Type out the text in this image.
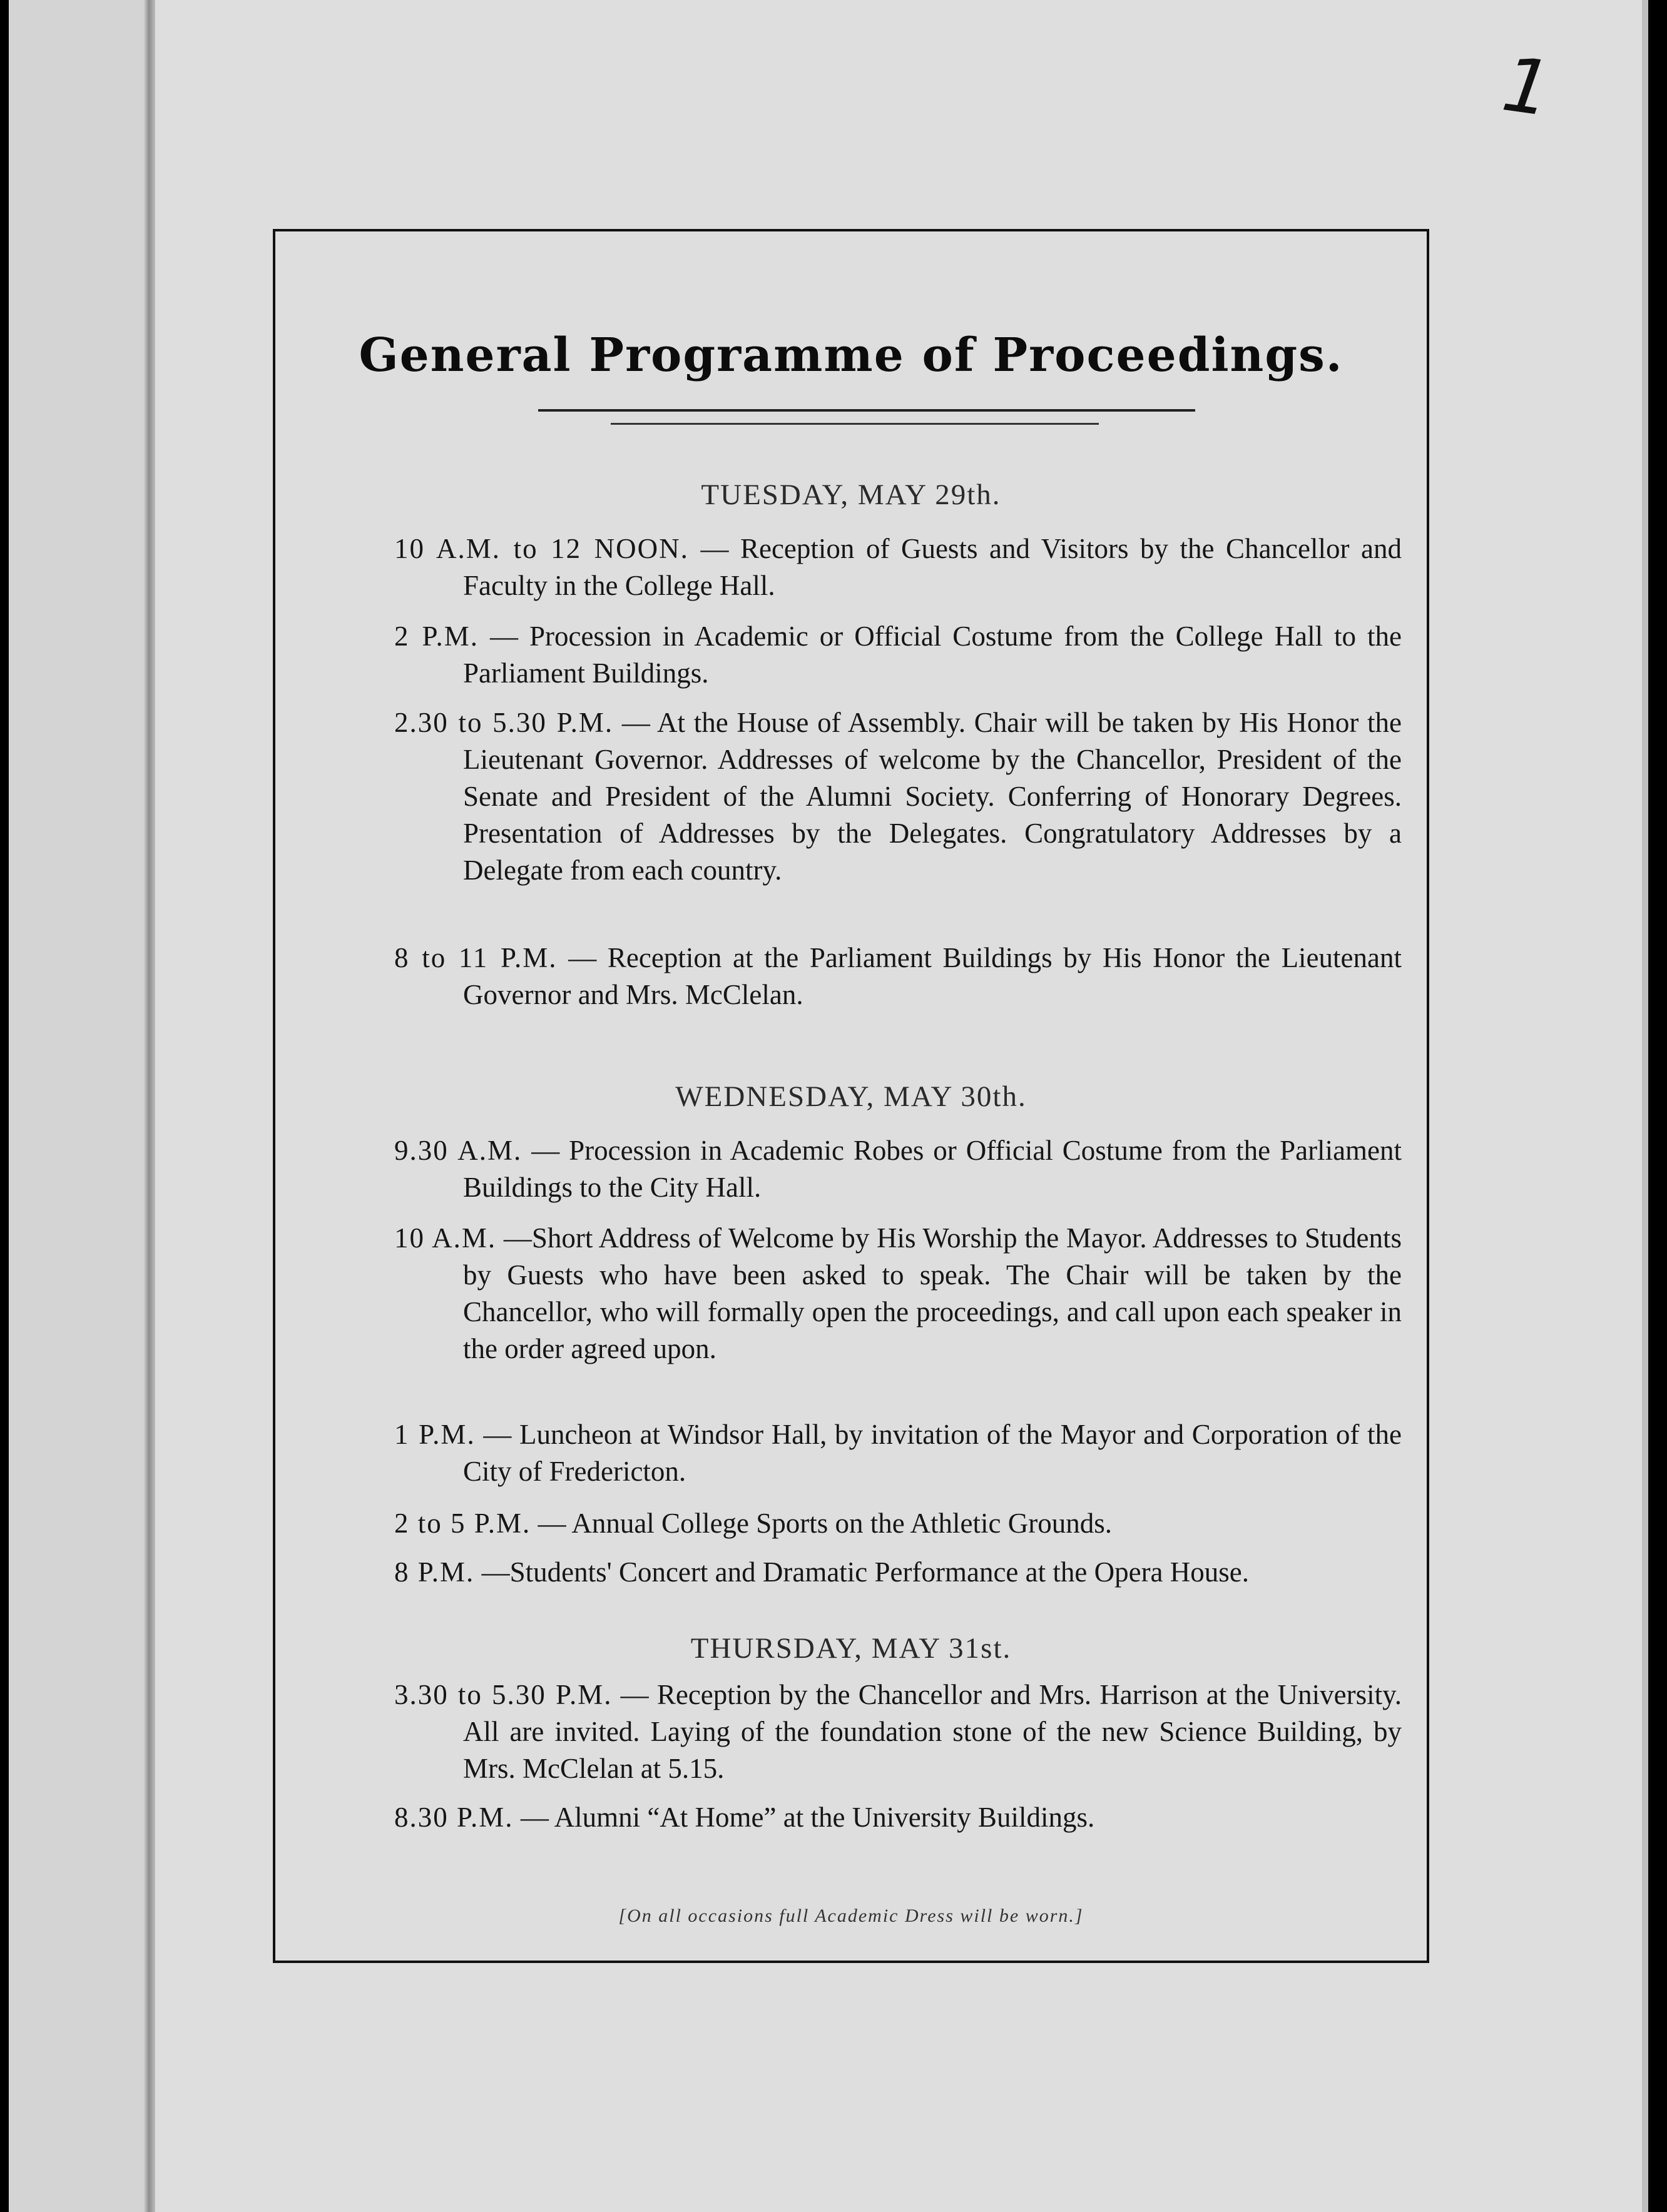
1
General Programme of Proceedings.
TUESDAY, MAY 29th.
10 A.M. to 12 NOON. — Reception of Guests and Visitors by the Chancellor and Faculty in the College Hall.
2 P.M. — Procession in Academic or Official Costume from the College Hall to the Parliament Buildings.
2.30 to 5.30 P.M. — At the House of Assembly. Chair will be taken by His Honor the Lieutenant Governor. Addresses of welcome by the Chancellor, President of the Senate and President of the Alumni Society. Conferring of Honorary Degrees. Presentation of Addresses by the Delegates. Congratulatory Addresses by a Delegate from each country.
8 to 11 P.M. — Reception at the Parliament Buildings by His Honor the Lieutenant Governor and Mrs. McClelan.
WEDNESDAY, MAY 30th.
9.30 A.M. — Procession in Academic Robes or Official Costume from the Parliament Buildings to the City Hall.
10 A.M. —Short Address of Welcome by His Worship the Mayor. Addresses to Students by Guests who have been asked to speak. The Chair will be taken by the Chancellor, who will formally open the proceedings, and call upon each speaker in the order agreed upon.
1 P.M. — Luncheon at Windsor Hall, by invitation of the Mayor and Corporation of the City of Fredericton.
2 to 5 P.M. — Annual College Sports on the Athletic Grounds.
8 P.M. —Students' Concert and Dramatic Performance at the Opera House.
THURSDAY, MAY 31st.
3.30 to 5.30 P.M. — Reception by the Chancellor and Mrs. Harrison at the University. All are invited. Laying of the foundation stone of the new Science Building, by Mrs. McClelan at 5.15.
8.30 P.M. — Alumni “At Home” at the University Buildings.
[On all occasions full Academic Dress will be worn.]
